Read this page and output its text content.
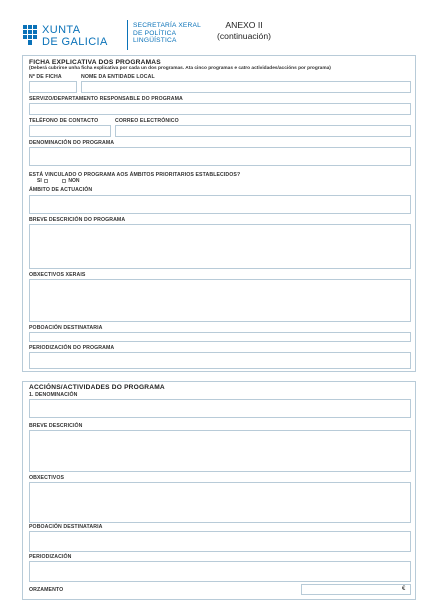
XUNTA
DE GALICIA
SECRETARÍA XERAL
DE POLÍTICA
LINGÜÍSTICA
ANEXO II
(continuación)
FICHA EXPLICATIVA DOS PROGRAMAS
(Deberá cubrirse unha ficha explicativa por cada un dos programas. Ata cinco programas e catro actividades/accións por programa)
Nº DE FICHA	NOME DA ENTIDADE LOCAL
SERVIZO/DEPARTAMENTO RESPONSABLE DO PROGRAMA
TELÉFONO DE CONTACTO	CORREO ELECTRÓNICO
DENOMINACIÓN DO PROGRAMA
ESTÁ VINCULADO O PROGRAMA AOS ÁMBITOS PRIORITARIOS ESTABLECIDOS?
SI	NON
ÁMBITO DE ACTUACIÓN
BREVE DESCRICIÓN DO PROGRAMA
OBXECTIVOS XERAIS
POBOACIÓN DESTINATARIA
PERIODIZACIÓN DO PROGRAMA
ACCIÓNS/ACTIVIDADES DO PROGRAMA
1. DENOMINACIÓN
BREVE DESCRICIÓN
OBXECTIVOS
POBOACIÓN DESTINATARIA
PERIODIZACIÓN
ORZAMENTO	€
